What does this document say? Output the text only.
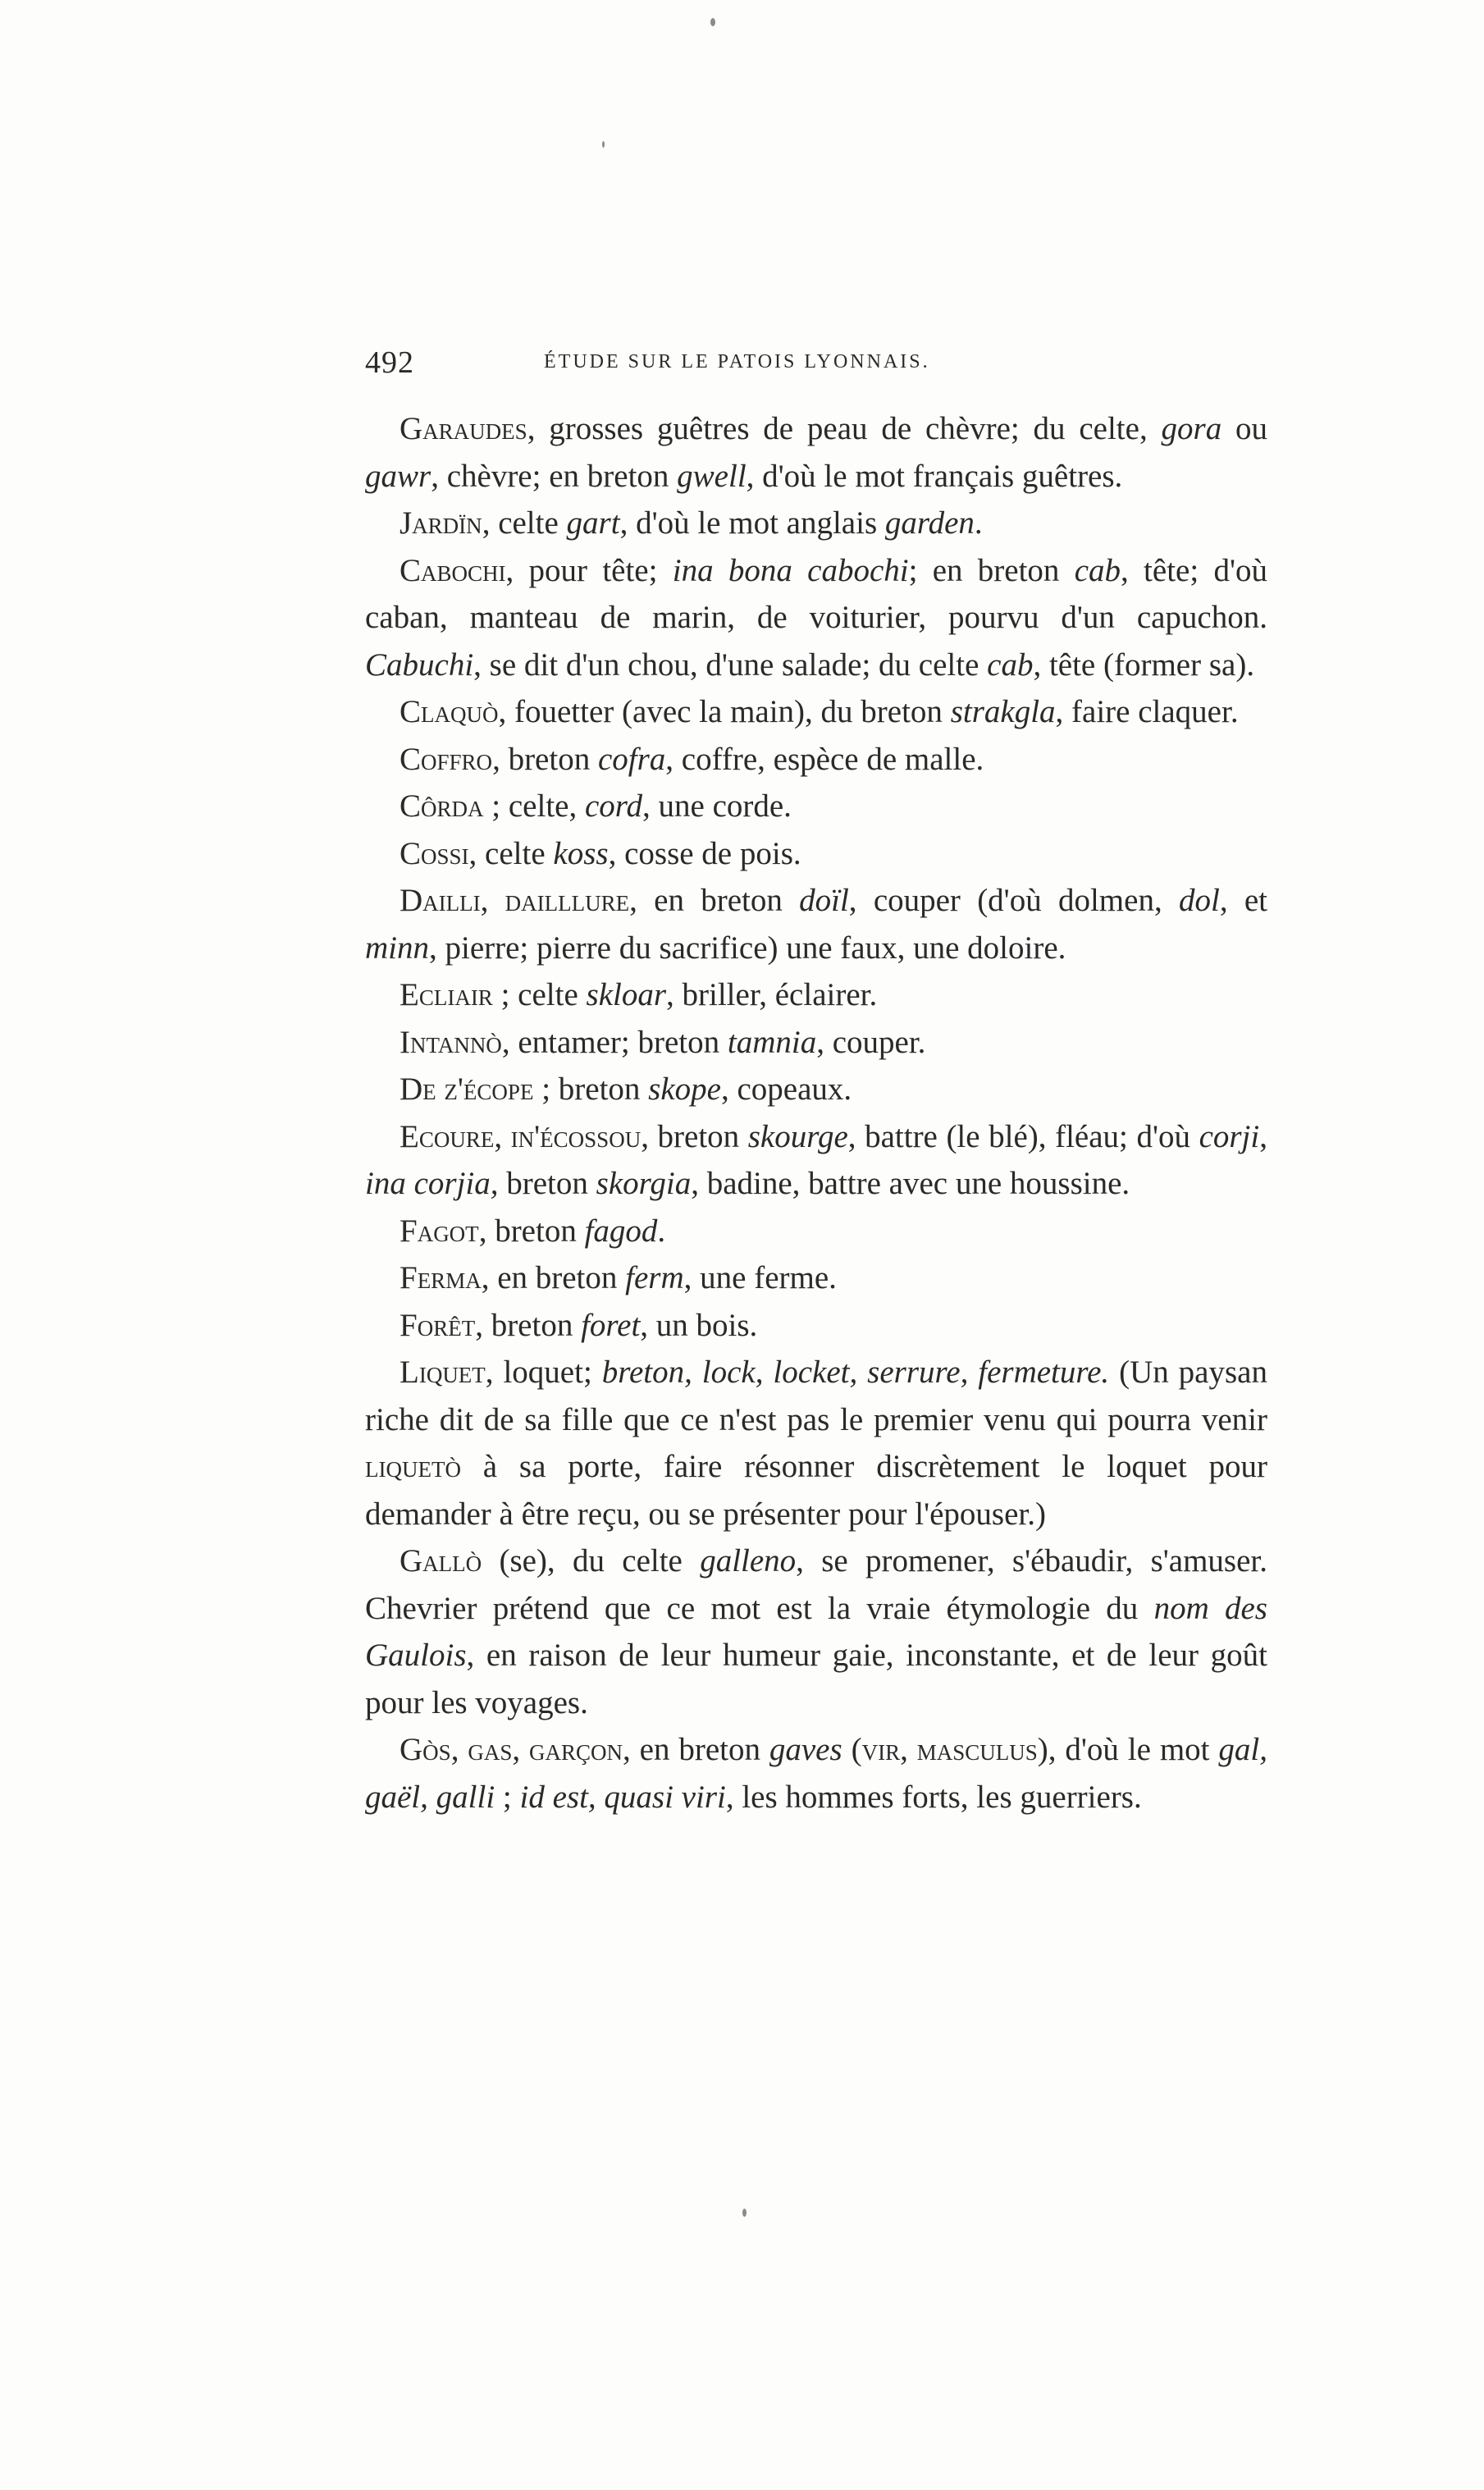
492	ÉTUDE SUR LE PATOIS LYONNAIS.

Garaudes, grosses guêtres de peau de chèvre; du celte, gora ou gawr, chèvre; en breton gwell, d'où le mot français guêtres.

Jardïn, celte gart, d'où le mot anglais garden.

Cabochi, pour tête; ina bona cabochi; en breton cab, tête; d'où caban, manteau de marin, de voiturier, pourvu d'un capuchon. Cabuchi, se dit d'un chou, d'une salade; du celte cab, tête (former sa).

Claquò, fouetter (avec la main), du breton strakgla, faire claquer.

Coffro, breton cofra, coffre, espèce de malle.

Côrda ; celte, cord, une corde.

Cossi, celte koss, cosse de pois.

Dailli, dailllure, en breton doïl, couper (d'où dolmen, dol, et minn, pierre; pierre du sacrifice) une faux, une doloire.

Ecliair ; celte skloar, briller, éclairer.

Intannò, entamer; breton tamnia, couper.

De z'écope ; breton skope, copeaux.

Ecoure, in'écossou, breton skourge, battre (le blé), fléau; d'où corji, ina corjia, breton skorgia, badine, battre avec une houssine.

Fagot, breton fagod.

Ferma, en breton ferm, une ferme.

Forêt, breton foret, un bois.

Liquet, loquet; breton, lock, locket, serrure, fermeture. (Un paysan riche dit de sa fille que ce n'est pas le premier venu qui pourra venir liquetò à sa porte, faire résonner discrètement le loquet pour demander à être reçu, ou se présenter pour l'épouser.)

Gallò (se), du celte galleno, se promener, s'ébaudir, s'amuser. Chevrier prétend que ce mot est la vraie étymologie du nom des Gaulois, en raison de leur humeur gaie, inconstante, et de leur goût pour les voyages.

Gòs, gas, garçon, en breton gaves (vir, masculus), d'où le mot gal, gaël, galli ; id est, quasi viri, les hommes forts, les guerriers.
